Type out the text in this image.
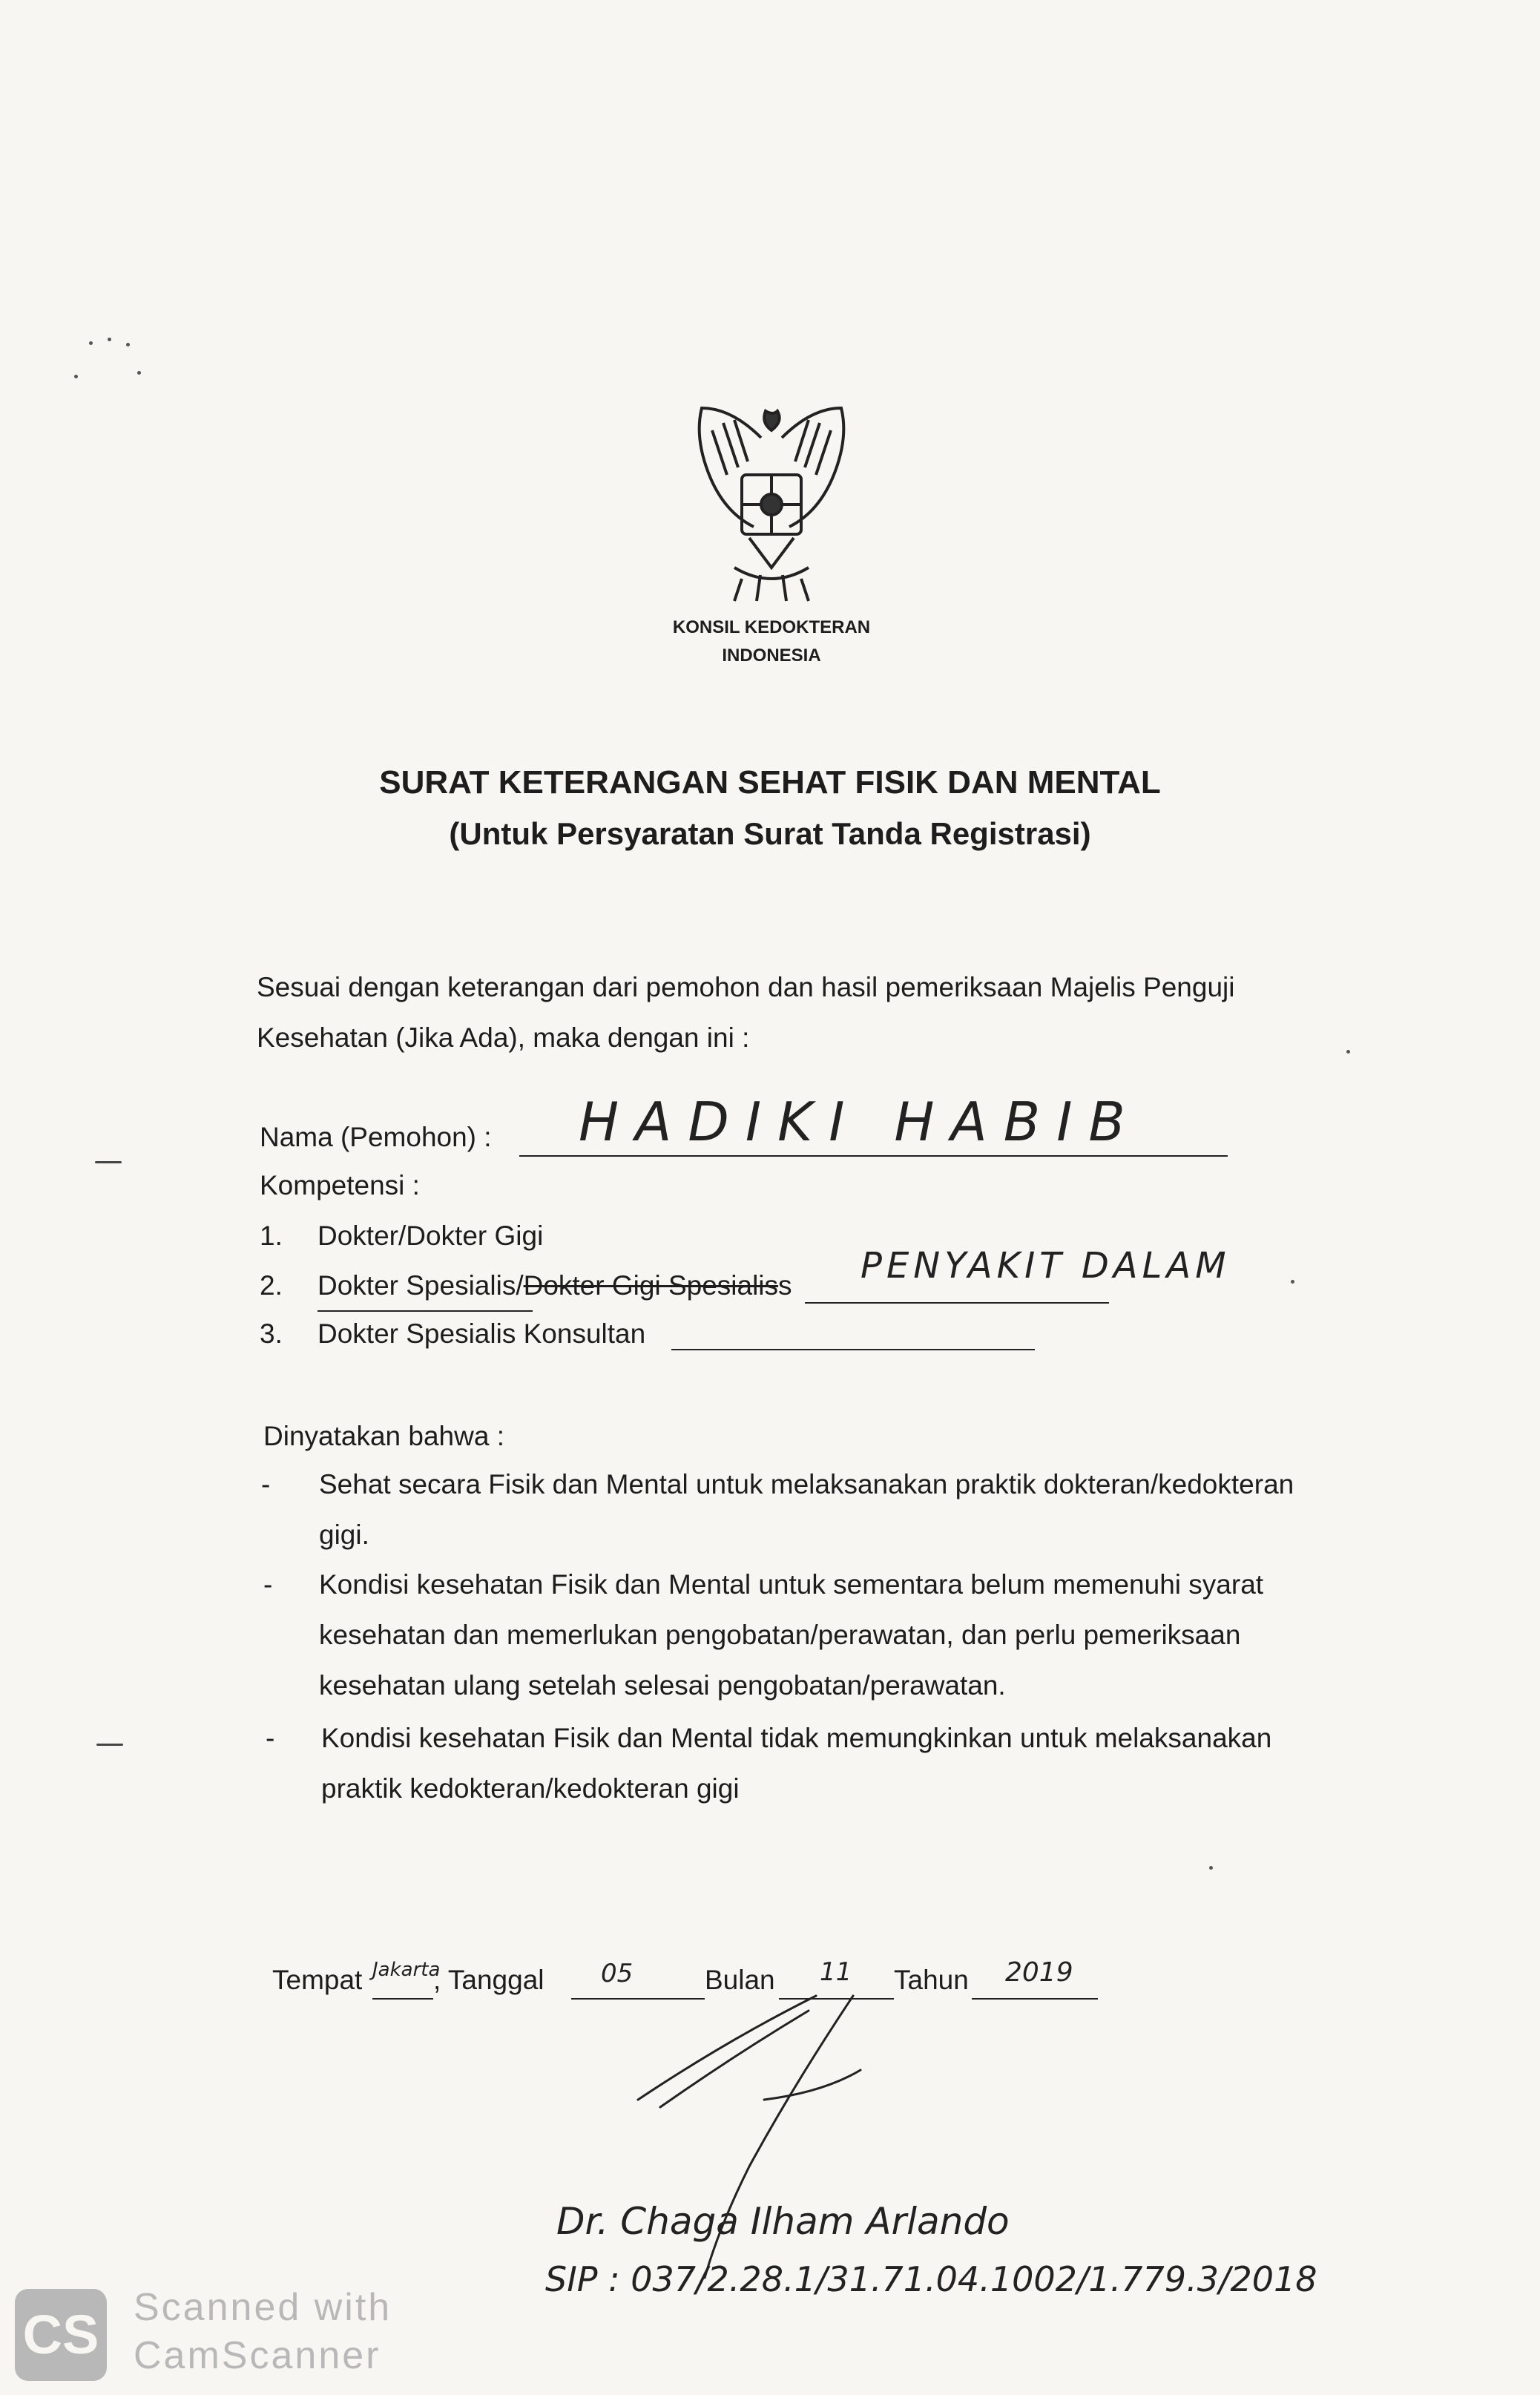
KONSIL KEDOKTERAN
INDONESIA
SURAT KETERANGAN SEHAT FISIK DAN MENTAL
(Untuk Persyaratan Surat Tanda Registrasi)
Sesuai dengan keterangan dari pemohon dan hasil pemeriksaan Majelis Penguji
Kesehatan (Jika Ada), maka dengan ini :
Nama (Pemohon) : HADIKI HABIB
Kompetensi :
1. Dokter/Dokter Gigi
2. Dokter Spesialis/Dokter Gigi Spesialiss PENYAKIT DALAM
3. Dokter Spesialis Konsultan
Dinyatakan bahwa :
- Sehat secara Fisik dan Mental untuk melaksanakan praktik dokteran/kedokteran
gigi.
- Kondisi kesehatan Fisik dan Mental untuk sementara belum memenuhi syarat
kesehatan dan memerlukan pengobatan/perawatan, dan perlu pemeriksaan
kesehatan ulang setelah selesai pengobatan/perawatan.
- Kondisi kesehatan Fisik dan Mental tidak memungkinkan untuk melaksanakan
praktik kedokteran/kedokteran gigi
Tempat Jakarta
, Tanggal 05	Bulan 11 Tahun 2019
Dr. Chaga Ilham Arlando
SIP : 037/2.28.1/31.71.04.1002/1.779.3/2018
CS Scanned with
CamScanner
